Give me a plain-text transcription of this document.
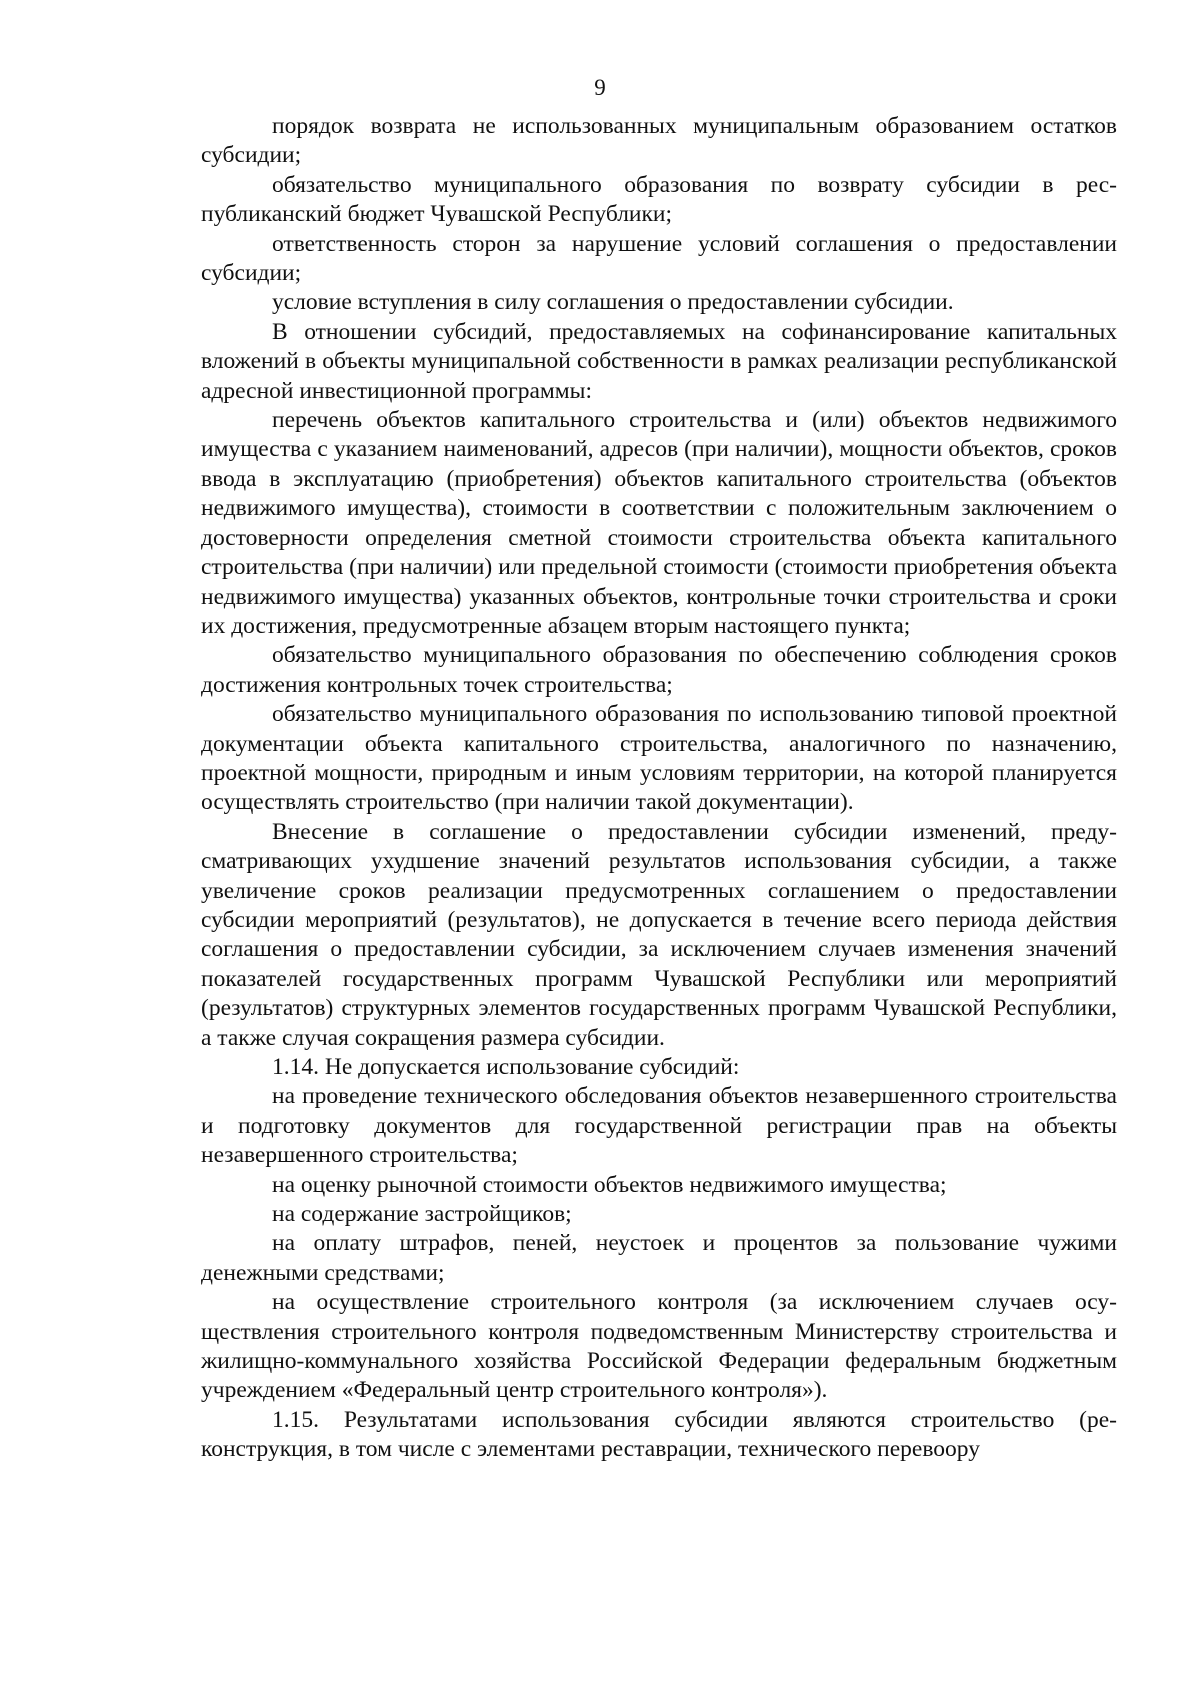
9

порядок возврата не использованных муниципальным образованием остатков субсидии;

обязательство муниципального образования по возврату субсидии в республиканский бюджет Чувашской Республики;

ответственность сторон за нарушение условий соглашения о предоставлении субсидии;

условие вступления в силу соглашения о предоставлении субсидии.

В отношении субсидий, предоставляемых на софинансирование капитальных вложений в объекты муниципальной собственности в рамках реализации республиканской адресной инвестиционной программы:

перечень объектов капитального строительства и (или) объектов недвижимого имущества с указанием наименований, адресов (при наличии), мощности объектов, сроков ввода в эксплуатацию (приобретения) объектов капитального строительства (объектов недвижимого имущества), стоимости в соответствии с положительным заключением о достоверности определения сметной стоимости строительства объекта капитального строительства (при наличии) или предельной стоимости (стоимости приобретения объекта недвижимого имущества) указанных объектов, контрольные точки строительства и сроки их достижения, предусмотренные абзацем вторым настоящего пункта;

обязательство муниципального образования по обеспечению соблюдения сроков достижения контрольных точек строительства;

обязательство муниципального образования по использованию типовой проектной документации объекта капитального строительства, аналогичного по назначению, проектной мощности, природным и иным условиям территории, на которой планируется осуществлять строительство (при наличии такой документации).

Внесение в соглашение о предоставлении субсидии изменений, предусматривающих ухудшение значений результатов использования субсидии, а также увеличение сроков реализации предусмотренных соглашением о предоставлении субсидии мероприятий (результатов), не допускается в течение всего периода действия соглашения о предоставлении субсидии, за исключением случаев изменения значений показателей государственных программ Чувашской Республики или мероприятий (результатов) структурных элементов государственных программ Чувашской Республики, а также случая сокращения размера субсидии.

1.14. Не допускается использование субсидий:

на проведение технического обследования объектов незавершенного строительства и подготовку документов для государственной регистрации прав на объекты незавершенного строительства;

на оценку рыночной стоимости объектов недвижимого имущества;

на содержание застройщиков;

на оплату штрафов, пеней, неустоек и процентов за пользование чужими денежными средствами;

на осуществление строительного контроля (за исключением случаев осуществления строительного контроля подведомственным Министерству строительства и жилищно-коммунального хозяйства Российской Федерации федеральным бюджетным учреждением «Федеральный центр строительного контроля»).

1.15. Результатами использования субсидии являются строительство (реконструкция, в том числе с элементами реставрации, технического перевоору
